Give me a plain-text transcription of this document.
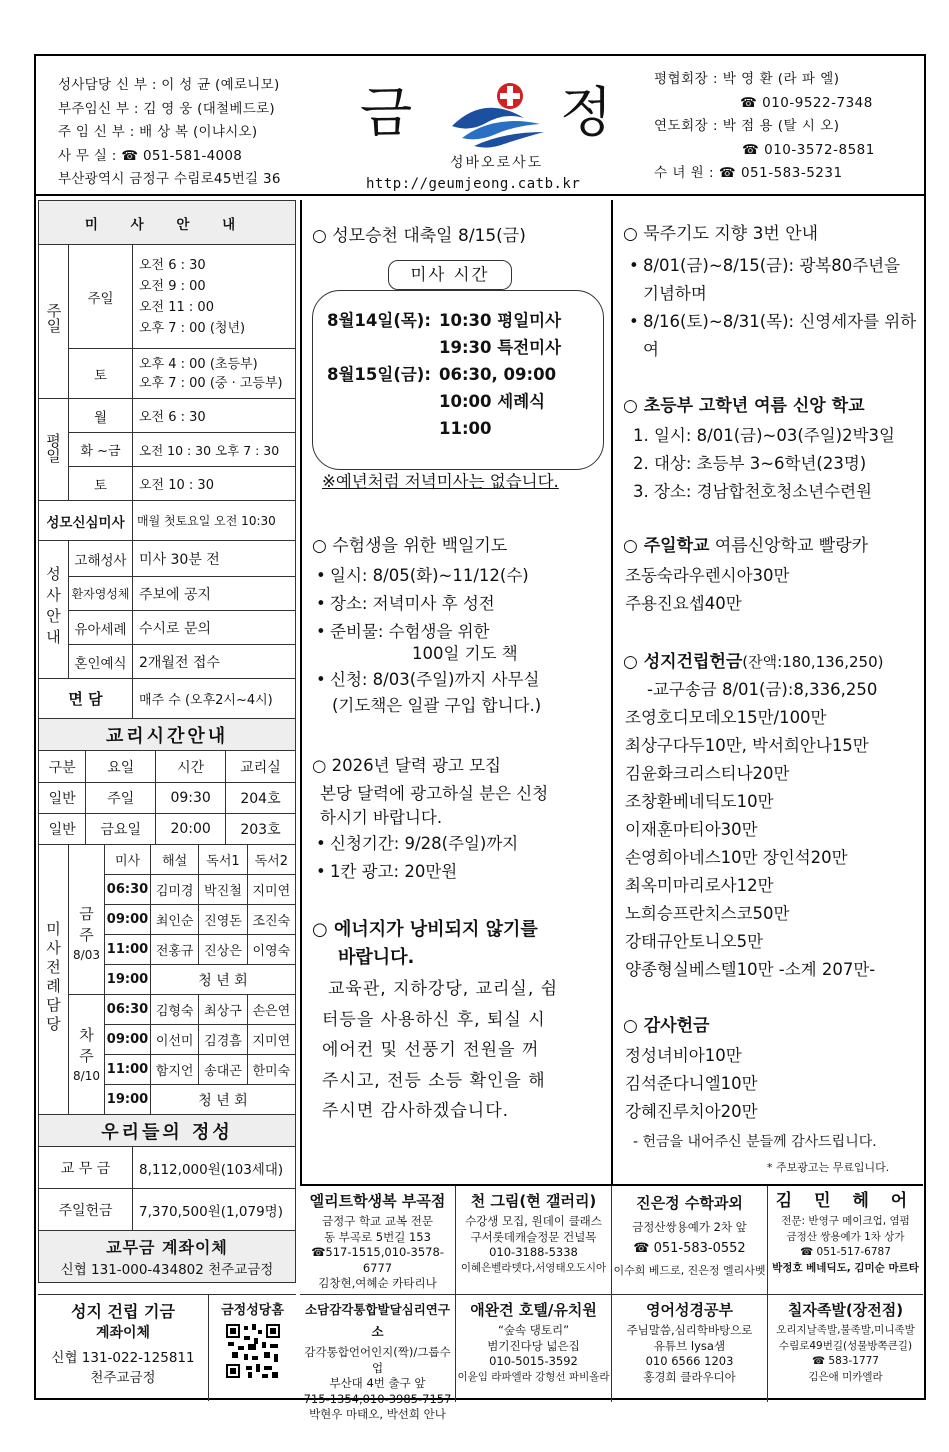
성사담당 신 부 : 이 성 균 (예로니모)
부주임신 부 : 김 영 웅 (대철베드로)
주 임 신 부 : 배 상 복 (이냐시오)
사 무 실 : ☎ 051-581-4008
부산광역시 금정구 수림로45번길 36
금	정
성바오로사도
http://geumjeong.catb.kr
평협회장 : 박 영 환 (라 파 엘)
☎ 010-9522-7348
연도회장 : 박 점 용 (탈 시 오)
☎ 010-3572-8581
수 녀 원 : ☎ 051-583-5231
미 사 안 내		
주일	주일	오전 6 : 30
오전 9 : 00
오전 11 : 00
오후 7 : 00 (청년)

	토	오후 4 : 00 (초등부)
오후 7 : 00 (중 · 고등부)

평일	월	오전 6 : 30
	화 ~금	오전 10 : 30 오후 7 : 30
	토	오전 10 : 30
성모신심미사		매월 첫토요일 오전 10:30
성사안내	고해성사	미사 30분 전
	환자영성체	주보에 공지
	유아세례	수시로 문의
	혼인예식	2개월전 접수
면 담		매주 수 (오후2시~4시)
교리시간안내			
구분	요일	시간	교리실
일반	주일	09:30	204호
일반	금요일	20:00	203호
미사전례담당		미사	해설	독서1	독서2

	금주
8/03	06:30	김미경	박진철	지미연
		09:00	최인순	진영돈	조진숙
		11:00	전홍규	진상은	이영숙
		19:00	청 년 회		

	차주
8/10	06:30	김형숙	최상구	손은연
		09:00	이선미	김경흠	지미연
		11:00	함지언	송대곤	한미숙
		19:00	청 년 회		
우리들의 정성	
교 무 금	8,112,000원(103세대)
주일헌금	7,370,500원(1,079명)

교무금 계좌이체
신협 131-000-434802 천주교금정	
성지 건립 기금
계좌이체
신협 131-022-125811
천주교금정
금정성당홈
○ 성모승천 대축일 8/15(금)
8월14일(목): 10:30 평일미사
19:30 특전미사
8월15일(금): 06:30, 09:00
10:00 세례식
11:00
미사 시간
※예년처럼 저녁미사는 없습니다.
○ 수험생을 위한 백일기도
• 일시: 8/05(화)~11/12(수)
• 장소: 저녁미사 후 성전
• 준비물: 수험생을 위한
100일 기도 책
• 신청: 8/03(주일)까지 사무실
(기도책은 일괄 구입 합니다.)
○ 2026년 달력 광고 모집
본당 달력에 광고하실 분은 신청
하시기 바랍니다.
• 신청기간: 9/28(주일)까지
• 1칸 광고: 20만원
○ 에너지가 낭비되지 않기를
바랍니다.
교육관, 지하강당, 교리실, 쉼
터등을 사용하신 후, 퇴실 시
에어컨 및 선풍기 전원을 꺼
주시고, 전등 소등 확인을 해
주시면 감사하겠습니다.
○ 묵주기도 지향 3번 안내
• 8/01(금)~8/15(금): 광복80주년을 기념하며
• 8/16(토)~8/31(목): 신영세자를 위하여
○ 초등부 고학년 여름 신앙 학교
1. 일시: 8/01(금)~03(주일)2박3일
2. 대상: 초등부 3~6학년(23명)
3. 장소: 경남합천호청소년수련원
○ 주일학교 여름신앙학교 빨랑카
조동숙라우렌시아30만
주용진요셉40만
○ 성지건립헌금(잔액:180,136,250)
-교구송금 8/01(금):8,336,250
조영호디모데오15만/100만
최상구다두10만, 박서희안나15만
김윤화크리스티나20만
조창환베네딕도10만
이재훈마티아30만
손영희아네스10만 장인석20만
최옥미마리로사12만
노희승프란치스코50만
강태규안토니오5만
양종형실베스텔10만 -소계 207만-
○ 감사헌금
정성녀비아10만
김석준다니엘10만
강혜진루치아20만
- 헌금을 내어주신 분들께 감사드립니다.
* 주보광고는 무료입니다.
엘리트학생복 부곡점
금정구 학교 교복 전문
동 부곡로 5번길 153
☎517-1515,010-3578-6777
김창현,여혜순 카타리나
천 그림(현 갤러리)
수강생 모집, 원데이 클래스
구서롯데캐슬정문 건널목
010-3188-5338
이혜은벨라뎃다,서영태오도시아
진은정 수학과외
금정산쌍용예가 2차 앞
☎ 051-583-0552
이수희 베드로, 진은정 엘리사벳
김 민 헤 어
전문: 반영구 메이크업, 염펌
금정산 쌍용예가 1차 상가
☎ 051-517-6787
박정호 베네딕도, 김미순 마르타
소담감각통합발달심리연구소
감각통합언어인지(짝)/그룹수업
부산대 4번 출구 앞
715-1354,010-3985-7157
박현우 마태오, 박선희 안나
애완견 호텔/유치원
“숲속 댕토리”
범기진다당 넓은집
010-5015-3592
이윤임 라파엘라 강형선 파비올라
영어성경공부
주님말씀,심리학바탕으로
유튜브 lysa샘
010 6566 1203
홍경희 클라우디아
칠자족발(장전점)
오리지날족발,불족발,미니족발
수림로49번길(성물방쪽큰길)
☎ 583-1777
김은애 미카엘라
